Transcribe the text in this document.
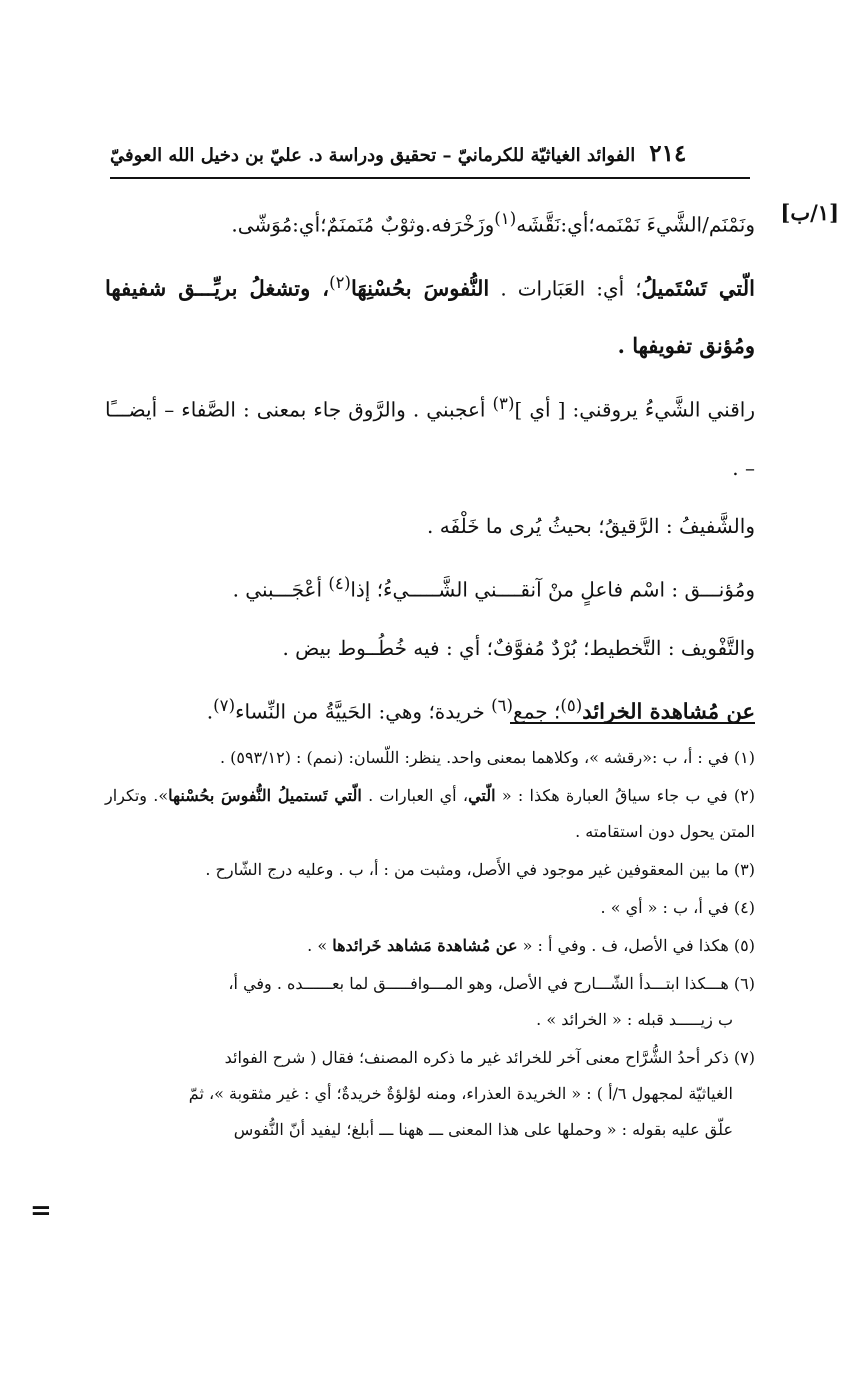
٢١٤
الفوائد الغياثيّة للكرمانيّ – تحقيق ودراسة د. عليّ بن دخيل الله العوفيّ
[١/ب]

ونَمْنَم/الشَّيءَ نَمْنَمه؛أي:نَقَّشَه$^{(١)}$وزَخْرَفه.وثوْبٌ مُنَمنَمٌ؛أي:مُوَشّى.

الّتي تَسْتَميلُ؛ أي: العَبَارات . النُّفوسَ بحُسْنِهَا$^{(٢)}$، وتشغلُ بريِّـــق شفيفها ومُؤنق تفويفها .

راقني الشَّيءُ يروقني: [ أي ]$^{(٣)}$ أعجبني . والرَّوق جاء بمعنى : الصَّفاء – أيضـــًا – .

والشَّفيفُ : الرَّقيقُ؛ بحيثُ يُرى ما خَلْفَه .

ومُؤنـــق : اسْم فاعلٍ منْ آنقــــني الشَّـــــيءُ؛ إذا$^{(٤)}$ أعْجَـــبني .

والتَّفْويف : التَّخطيط؛ بُرْدٌ مُفوَّفٌ؛ أي : فيه خُطُــوط بيض .

عن مُشاهدة الخرائد$^{(٥)}$؛ جمع$^{(٦)}$ خريدة؛ وهي: الحَييَّةُ من النِّساء$^{(٧)}$.

(١) في : أ، ب :«رقشه »، وكلاهما بمعنى واحد. ينظر: اللّسان: (نمم) : (٥٩٣/١٢) .

(٢) في ب جاء سياقُ العبارة هكذا : « الّتي، أي العبارات . الّتي تَستميلُ النُّفوسَ بحُسْنها». وتكرار المتن يحول دون استقامته .

(٣) ما بين المعقوفين غير موجود في الأَصل، ومثبت من : أ، ب . وعليه درج الشّارح .

(٤) في أ، ب : « أي » .

(٥) هكذا في الأصل، ف . وفي أ : « عن مُشاهدة مَشاهد خَرائدها » .

(٦) هـــكذا ابتـــدأ الشّـــارح في الأصل، وهو المـــوافـــــق لما بعــــــده . وفي أ،
ب زيـــــد قبله : « الخرائد » .

(٧) ذكر أحدُ الشُّرَّاح معنى آخر للخرائد غير ما ذكره المصنف؛ فقال ( شرح الفوائد
الغياثيّة لمجهول ٦/أ ) : « الخريدة العذراء، ومنه لؤلؤةٌ خريدةٌ؛ أي : غير مثقوبة »، ثمّ
علّق عليه بقوله : « وحملها على هذا المعنى ـــ ههنا ـــ أبلغ؛ ليفيد أنّ النُّفوس

=
